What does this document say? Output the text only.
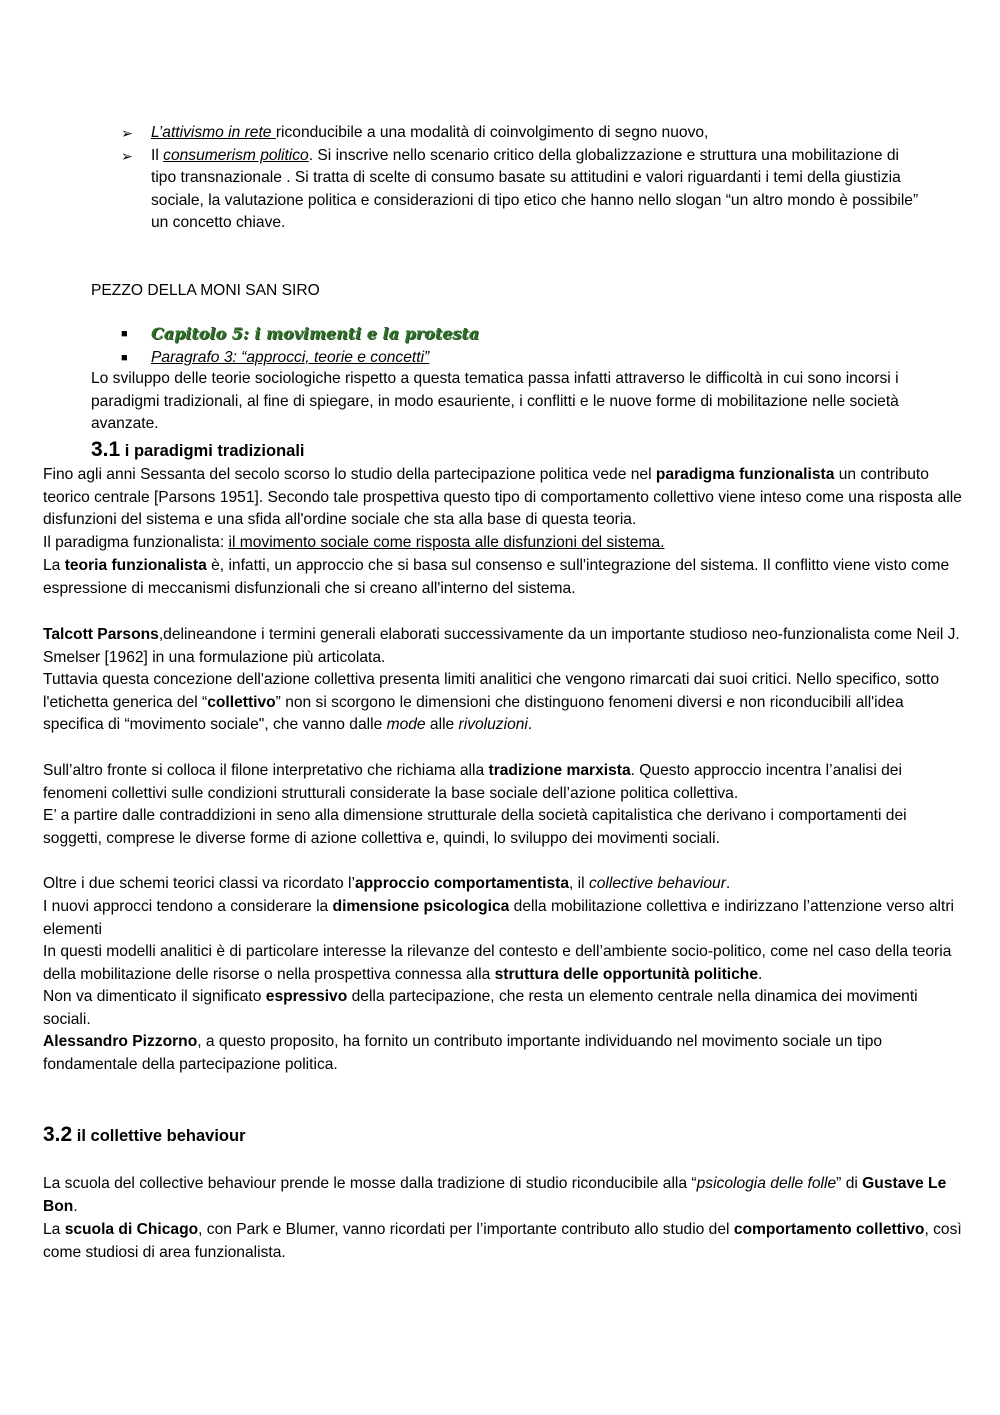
➢ L’attivismo in rete riconducibile a una modalità di coinvolgimento di segno nuovo,
➢ Il consumerism politico. Si inscrive nello scenario critico della globalizzazione e struttura una mobilitazione di tipo transnazionale . Si tratta di scelte di consumo basate su attitudini e valori riguardanti i temi della giustizia sociale, la valutazione politica e considerazioni di tipo etico che hanno nello slogan “un altro mondo è possibile” un concetto chiave.
PEZZO DELLA MONI SAN SIRO
■ Capitolo 5: i movimenti e la protesta
■ Paragrafo 3: “approcci, teorie e concetti”

Lo sviluppo delle teorie sociologiche rispetto a questa tematica passa infatti attraverso le difficoltà in cui sono incorsi i paradigmi tradizionali, al fine di spiegare, in modo esauriente, i conflitti e le nuove forme di mobilitazione nelle società avanzate.

3.1 i paradigmi tradizionali

Fino agli anni Sessanta del secolo scorso lo studio della partecipazione politica vede nel paradigma funzionalista un contributo teorico centrale [Parsons 1951]. Secondo tale prospettiva questo tipo di comportamento collettivo viene inteso come una risposta alle disfunzioni del sistema e una sfida all'ordine sociale che sta alla base di questa teoria.

Il paradigma funzionalista: il movimento sociale come risposta alle disfunzioni del sistema.

La teoria funzionalista è, infatti, un approccio che si basa sul consenso e sull'integrazione del sistema. Il conflitto viene visto come espressione di meccanismi disfunzionali che si creano all'interno del sistema.

Talcott Parsons,delineandone i termini generali elaborati successivamente da un importante studioso neo-funzionalista come Neil J. Smelser [1962] in una formulazione più articolata.

Tuttavia questa concezione dell'azione collettiva presenta limiti analitici che vengono rimarcati dai suoi critici. Nello specifico, sotto l'etichetta generica del “collettivo” non si scorgono le dimensioni che distinguono fenomeni diversi e non riconducibili all'idea specifica di “movimento sociale", che vanno dalle mode alle rivoluzioni.

Sull’altro fronte si colloca il filone interpretativo che richiama alla tradizione marxista. Questo approccio incentra l’analisi dei fenomeni collettivi sulle condizioni strutturali considerate la base sociale dell’azione politica collettiva.

E’ a partire dalle contraddizioni in seno alla dimensione strutturale della società capitalistica che derivano i comportamenti dei soggetti, comprese le diverse forme di azione collettiva e, quindi, lo sviluppo dei movimenti sociali.

Oltre i due schemi teorici classi va ricordato l’approccio comportamentista, il collective behaviour.

I nuovi approcci tendono a considerare la dimensione psicologica della mobilitazione collettiva e indirizzano l’attenzione verso altri elementi

In questi modelli analitici è di particolare interesse la rilevanze del contesto e dell’ambiente socio-politico, come nel caso della teoria della mobilitazione delle risorse o nella prospettiva connessa alla struttura delle opportunità politiche.

Non va dimenticato il significato espressivo della partecipazione, che resta un elemento centrale nella dinamica dei movimenti sociali.

Alessandro Pizzorno, a questo proposito, ha fornito un contributo importante individuando nel movimento sociale un tipo fondamentale della partecipazione politica.

3.2 il collettive behaviour

La scuola del collective behaviour prende le mosse dalla tradizione di studio riconducibile alla “psicologia delle folle” di Gustave Le Bon.

La scuola di Chicago, con Park e Blumer, vanno ricordati per l’importante contributo allo studio del comportamento collettivo, così come studiosi di area funzionalista.
